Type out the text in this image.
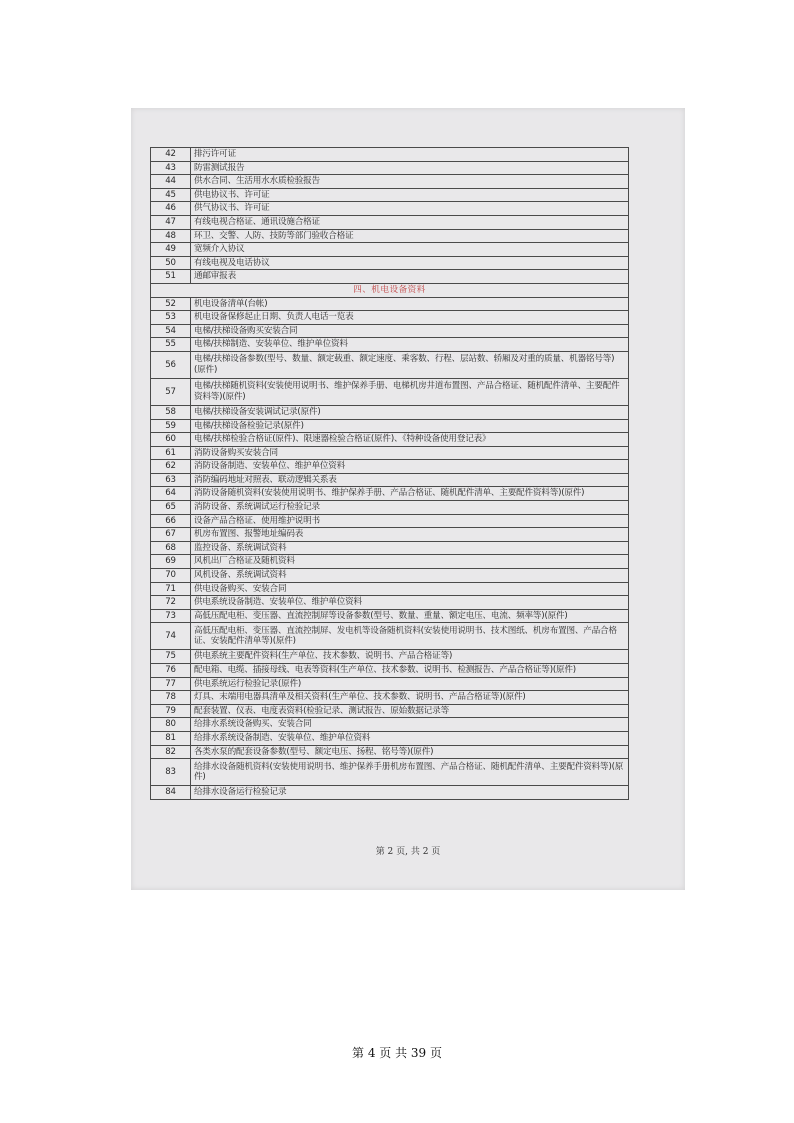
42	排污许可证
43	防雷测试报告
44	供水合同、生活用水水质检验报告
45	供电协议书、许可证
46	供气协议书、许可证
47	有线电视合格证、通讯设施合格证
48	环卫、交警、人防、技防等部门验收合格证
49	宽频介入协议
50	有线电视及电话协议
51	通邮审报表
四、机电设备资料	
52	机电设备清单(台帐)
53	机电设备保修起止日期、负责人电话一览表
54	电梯/扶梯设备购买安装合同
55	电梯/扶梯制造、安装单位、维护单位资料
56	电梯/扶梯设备参数(型号、数量、额定载重、额定速度、乘客数、行程、层站数、轿厢及对重的质量、机器铭号等)(原件)
57	电梯/扶梯随机资料(安装使用说明书、维护保养手册、电梯机房井道布置图、产品合格证、随机配件清单、主要配件资料等)(原件)
58	电梯/扶梯设备安装调试记录(原件)
59	电梯/扶梯设备检验记录(原件)
60	电梯/扶梯检验合格证(原件)、限速器检验合格证(原件)、《特种设备使用登记表》
61	消防设备购买安装合同
62	消防设备制造、安装单位、维护单位资料
63	消防编码地址对照表、联动逻辑关系表
64	消防设备随机资料(安装使用说明书、维护保养手册、产品合格证、随机配件清单、主要配件资料等)(原件)
65	消防设备、系统调试运行检验记录
66	设备产品合格证、使用维护说明书
67	机房布置图、报警地址编码表
68	监控设备、系统调试资料
69	风机出厂合格证及随机资料
70	风机设备、系统调试资料
71	供电设备购买、安装合同
72	供电系统设备制造、安装单位、维护单位资料
73	高低压配电柜、变压器、直流控制屏等设备参数(型号、数量、重量、额定电压、电流、频率等)(原件)
74	高低压配电柜、变压器、直流控制屏、发电机等设备随机资料(安装使用说明书、技术图纸、机房布置图、产品合格证、安装配件清单等)(原件)
75	供电系统主要配件资料(生产单位、技术参数、说明书、产品合格证等)
76	配电箱、电缆、插接母线、电表等资料(生产单位、技术参数、说明书、检测报告、产品合格证等)(原件)
77	供电系统运行检验记录(原件)
78	灯具、末端用电器具清单及相关资料(生产单位、技术参数、说明书、产品合格证等)(原件)
79	配套装置、仪表、电度表资料(检验记录、测试报告、原始数据记录等
80	给排水系统设备购买、安装合同
81	给排水系统设备制造、安装单位、维护单位资料
82	各类水泵的配套设备参数(型号、额定电压、扬程、铭号等)(原件)
83	给排水设备随机资料(安装使用说明书、维护保养手册机房布置图、产品合格证、随机配件清单、主要配件资料等)(原件)
84	给排水设备运行检验记录
第 2 页, 共 2 页
第 4 页 共 39 页
